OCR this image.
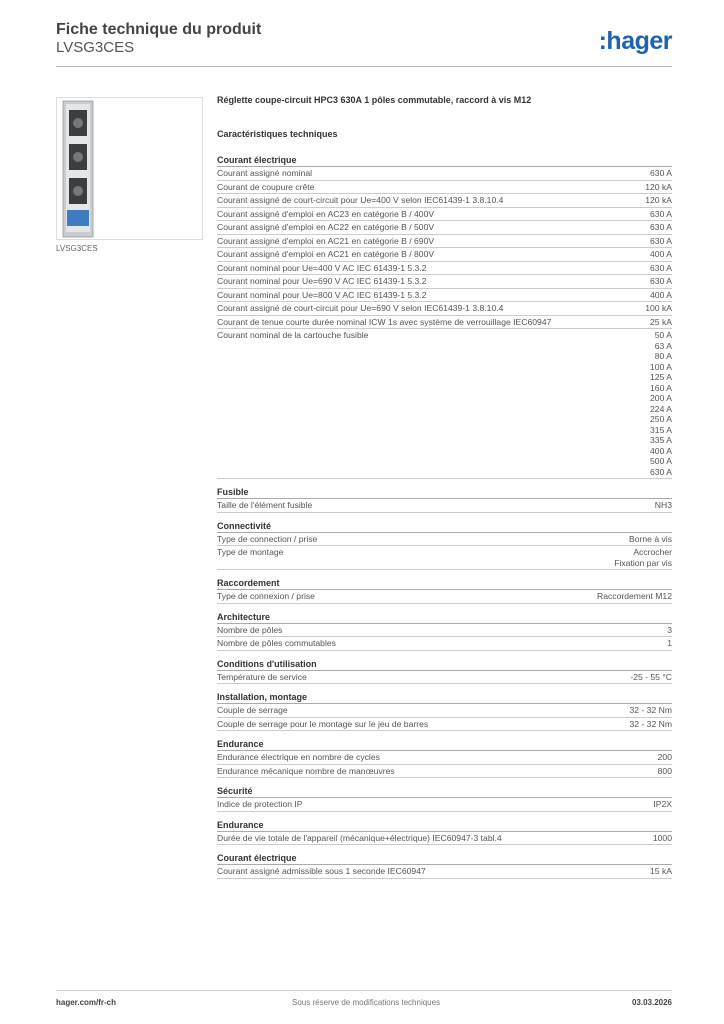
Fiche technique du produit
LVSG3CES	:hager
LVSG3CES
Réglette coupe-circuit HPC3 630A 1 pôles commutable, raccord à vis M12
Caractéristiques techniques
Courant électrique
Courant assigné nominal	630 A
Courant de coupure crête	120 kA
Courant assigné de court-circuit pour Ue=400 V selon IEC61439-1 3.8.10.4	120 kA
Courant assigné d'emploi en AC23 en catégorie B / 400V	630 A
Courant assigné d'emploi en AC22 en catégorie B / 500V	630 A
Courant assigné d'emploi en AC21 en catégorie B / 690V	630 A
Courant assigné d'emploi en AC21 en catégorie B / 800V	400 A
Courant nominal pour Ue=400 V AC IEC 61439-1 5.3.2	630 A
Courant nominal pour Ue=690 V AC IEC 61439-1 5.3.2	630 A
Courant nominal pour Ue=800 V AC IEC 61439-1 5.3.2	400 A
Courant assigné de court-circuit pour Ue=690 V selon IEC61439-1 3.8.10.4	100 kA
Courant de tenue courte durée nominal ICW 1s avec système de verrouillage IEC60947	25 kA
Courant nominal de la cartouche fusible	50 A
63 A
80 A
100 A
125 A
160 A
200 A
224 A
250 A
315 A
335 A
400 A
500 A
630 A
Fusible
Taille de l'élément fusible	NH3
Connectivité
Type de connection / prise	Borne à vis
Type de montage	Accrocher
Fixation par vis
Raccordement
Type de connexion / prise	Raccordement M12
Architecture
Nombre de pôles	3
Nombre de pôles commutables	1
Conditions d'utilisation
Température de service	-25 - 55 °C
Installation, montage
Couple de serrage	32 - 32 Nm
Couple de serrage pour le montage sur le jeu de barres	32 - 32 Nm
Endurance
Endurance électrique en nombre de cycles	200
Endurance mécanique nombre de manœuvres	800
Sécurité
Indice de protection IP	IP2X
Endurance
Durée de vie totale de l'appareil (mécanique+électrique) IEC60947-3 tabl.4	1000
Courant électrique
Courant assigné admissible sous 1 seconde IEC60947	15 kA
hager.com/fr-ch	Sous réserve de modifications techniques	03.03.2026
